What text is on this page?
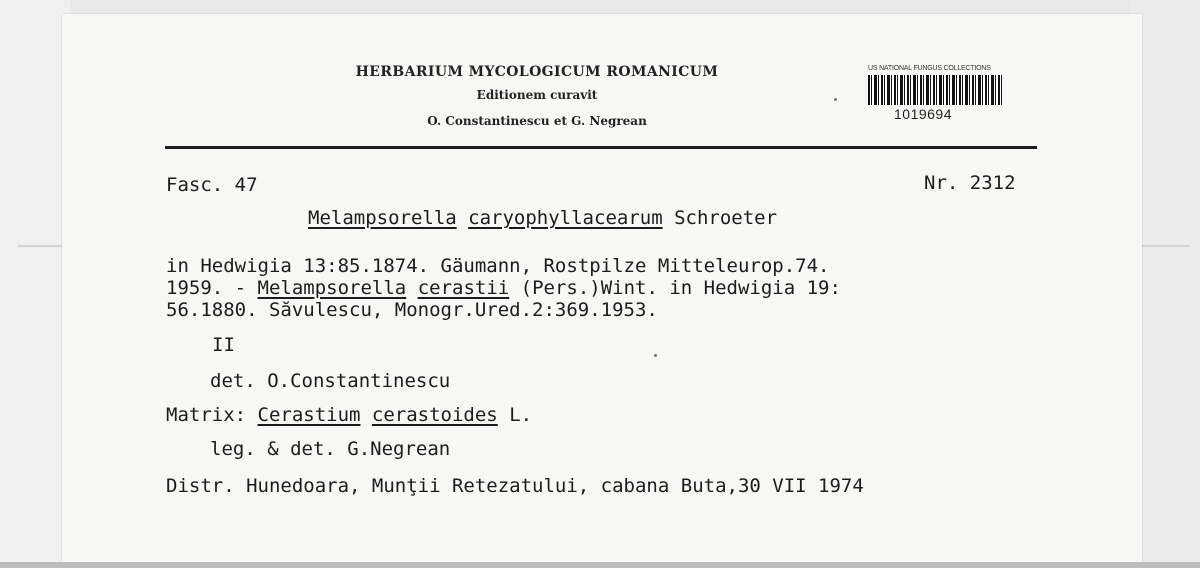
HERBARIUM MYCOLOGICUM ROMANICUM
Editionem curavit
O. Constantinescu et G. Negrean
US NATIONAL FUNGUS COLLECTIONS
1019694
Fasc. 47	Nr. 2312
Melampsorella caryophyllacearum Schroeter
in Hedwigia 13:85.1874. Gäumann, Rostpilze Mitteleurop.74.
1959. - Melampsorella cerastii (Pers.)Wint. in Hedwigia 19:
56.1880. Săvulescu, Monogr.Ured.2:369.1953.
II
det. O.Constantinescu
Matrix: Cerastium cerastoides L.
leg. & det. G.Negrean
Distr. Hunedoara, Munţii Retezatului, cabana Buta,30 VII 1974
